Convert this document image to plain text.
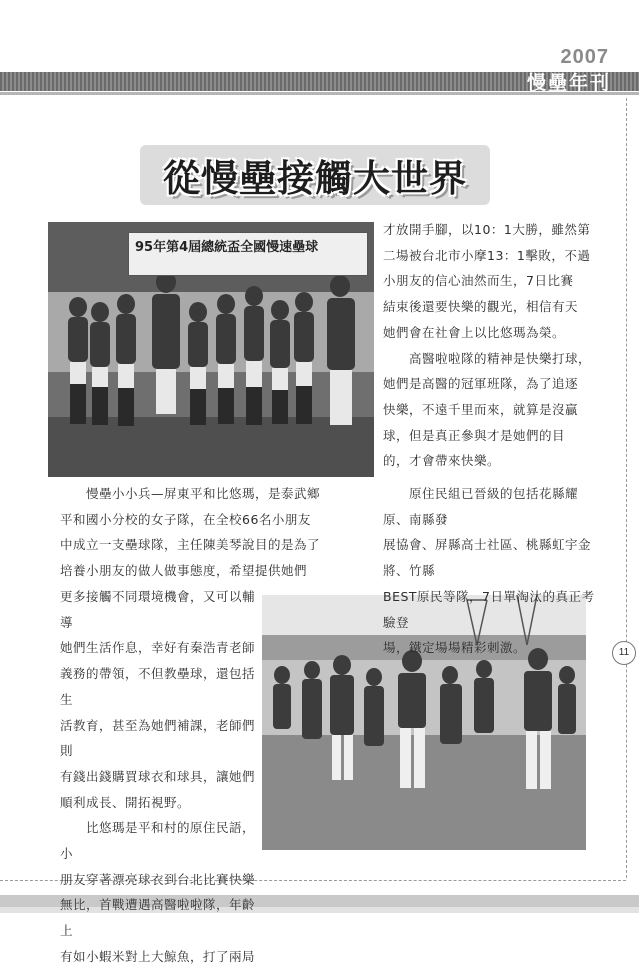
2007
慢壘年刊
11
從慢壘接觸大世界
95年第4屆總統盃全國慢速壘球

才放開手腳，以10：1大勝，雖然第

二場被台北市小摩13：1擊敗，不過

小朋友的信心油然而生，7日比賽

結束後還要快樂的觀光，相信有天

她們會在社會上以比悠瑪為榮。

　　高醫啦啦隊的精神是快樂打球，

她們是高醫的冠軍班隊，為了追逐

快樂，不遠千里而來，就算是沒贏

球，但是真正參與才是她們的目

的，才會帶來快樂。

　　慢壘小小兵—屏東平和比悠瑪，是泰武鄉

平和國小分校的女子隊，在全校66名小朋友

中成立一支壘球隊，主任陳美琴說目的是為了

培養小朋友的做人做事態度，希望提供她們

更多接觸不同環境機會，又可以輔導

她們生活作息，幸好有秦浩青老師

義務的帶領，不但教壘球，還包括生

活教育，甚至為她們補課，老師們則

有錢出錢購買球衣和球具，讓她們

順利成長、開拓視野。

　　比悠瑪是平和村的原住民語，小

朋友穿著漂亮球衣到台北比賽快樂

無比，首戰遭遇高醫啦啦隊，年齡上

有如小蝦米對上大鯨魚，打了兩局

　　原住民組已晉級的包括花縣耀原、南縣發

展協會、屏縣高士社區、桃縣虹宇金將、竹縣

BEST原民等隊，7日單淘汰的真正考驗登

場，鐵定場場精彩刺激。
